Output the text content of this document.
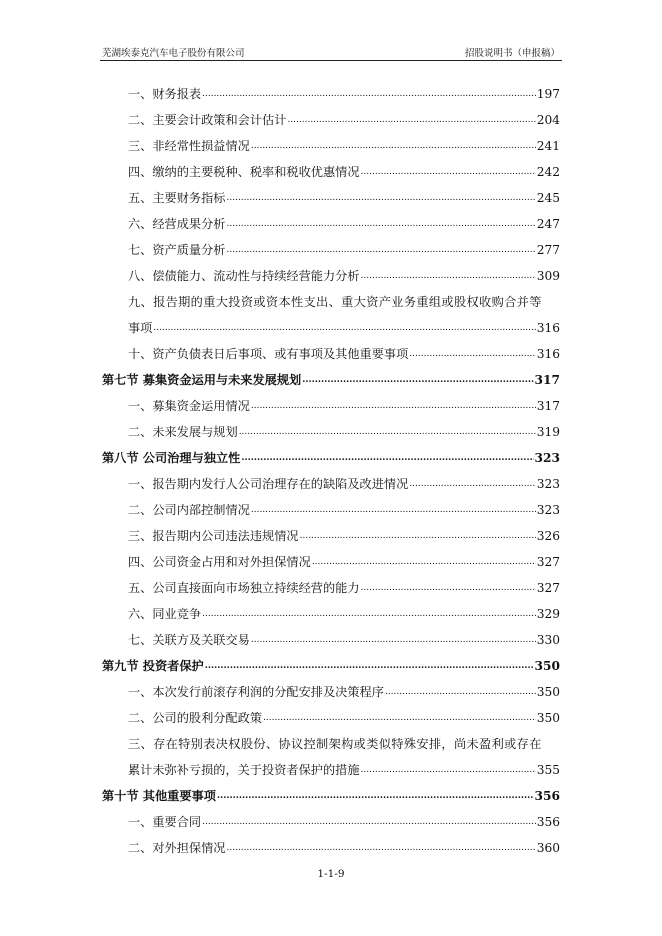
芜湖埃泰克汽车电子股份有限公司	招股说明书（申报稿）
一、财务报表 .....	197
二、主要会计政策和会计估计 .....	204
三、非经常性损益情况 .....	241
四、缴纳的主要税种、税率和税收优惠情况 .....	242
五、主要财务指标 .....	245
六、经营成果分析 .....	247
七、资产质量分析 .....	277
八、偿债能力、流动性与持续经营能力分析 .....	309
九、报告期的重大投资或资本性支出、重大资产业务重组或股权收购合并等
事项 .....	316
十、资产负债表日后事项、或有事项及其他重要事项 .....	316
第七节 募集资金运用与未来发展规划 .....	317
一、募集资金运用情况 .....	317
二、未来发展与规划 .....	319
第八节 公司治理与独立性 .....	323
一、报告期内发行人公司治理存在的缺陷及改进情况 .....	323
二、公司内部控制情况 .....	323
三、报告期内公司违法违规情况 .....	326
四、公司资金占用和对外担保情况 .....	327
五、公司直接面向市场独立持续经营的能力 .....	327
六、同业竞争 .....	329
七、关联方及关联交易 .....	330
第九节 投资者保护 .....	350
一、本次发行前滚存利润的分配安排及决策程序 .....	350
二、公司的股利分配政策 .....	350
三、存在特别表决权股份、协议控制架构或类似特殊安排，尚未盈利或存在
累计未弥补亏损的，关于投资者保护的措施 .....	355
第十节 其他重要事项 .....	356
一、重要合同 .....	356
二、对外担保情况 .....	360
1-1-9
